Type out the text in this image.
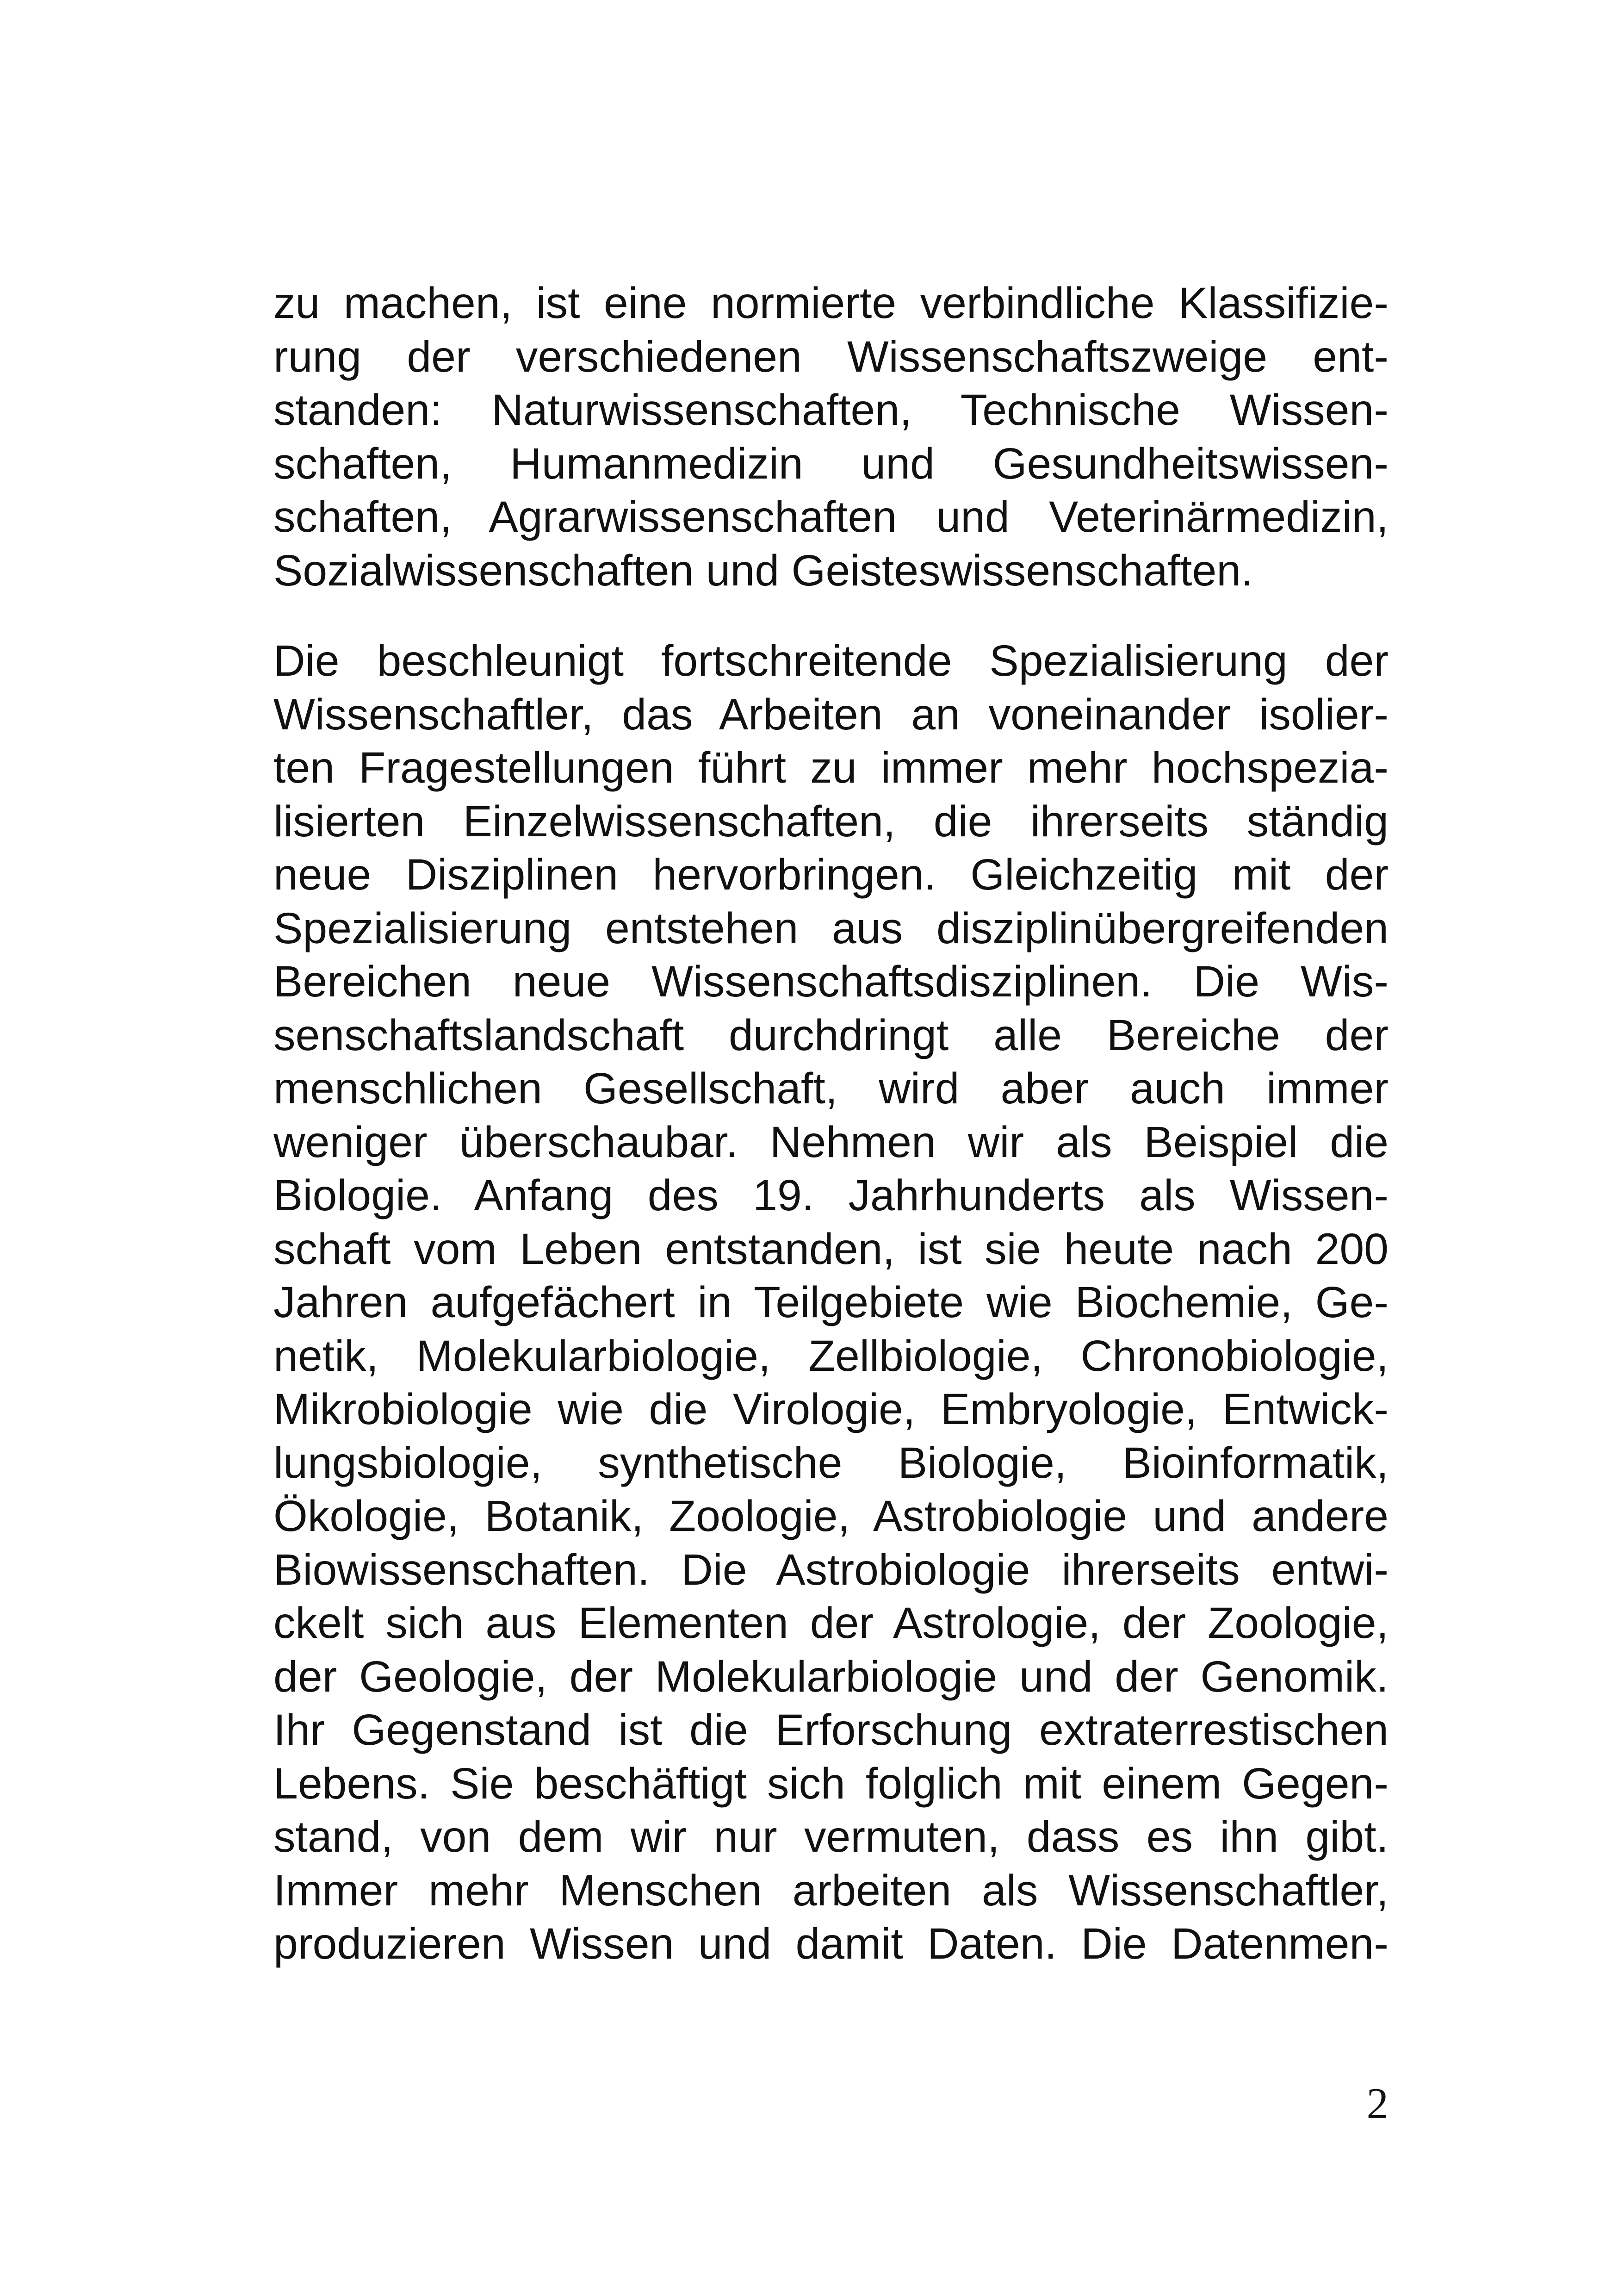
zu machen, ist eine normierte verbindliche Klassifizie-
rung der verschiedenen Wissenschaftszweige ent-
standen: Naturwissenschaften, Technische Wissen-
schaften, Humanmedizin und Gesundheitswissen-
schaften, Agrarwissenschaften und Veterinärmedizin,
Sozialwissenschaften und Geisteswissenschaften.
Die beschleunigt fortschreitende Spezialisierung der
Wissenschaftler, das Arbeiten an voneinander isolier-
ten Fragestellungen führt zu immer mehr hochspezia-
lisierten Einzelwissenschaften, die ihrerseits ständig
neue Disziplinen hervorbringen. Gleichzeitig mit der
Spezialisierung entstehen aus disziplinübergreifenden
Bereichen neue Wissenschaftsdisziplinen. Die Wis-
senschaftslandschaft durchdringt alle Bereiche der
menschlichen Gesellschaft, wird aber auch immer
weniger überschaubar. Nehmen wir als Beispiel die
Biologie. Anfang des 19. Jahrhunderts als Wissen-
schaft vom Leben entstanden, ist sie heute nach 200
Jahren aufgefächert in Teilgebiete wie Biochemie, Ge-
netik, Molekularbiologie, Zellbiologie, Chronobiologie,
Mikrobiologie wie die Virologie, Embryologie, Entwick-
lungsbiologie, synthetische Biologie, Bioinformatik,
Ökologie, Botanik, Zoologie, Astrobiologie und andere
Biowissenschaften. Die Astrobiologie ihrerseits entwi-
ckelt sich aus Elementen der Astrologie, der Zoologie,
der Geologie, der Molekularbiologie und der Genomik.
Ihr Gegenstand ist die Erforschung extraterrestischen
Lebens. Sie beschäftigt sich folglich mit einem Gegen-
stand, von dem wir nur vermuten, dass es ihn gibt.
Immer mehr Menschen arbeiten als Wissenschaftler,
produzieren Wissen und damit Daten. Die Datenmen-
2
